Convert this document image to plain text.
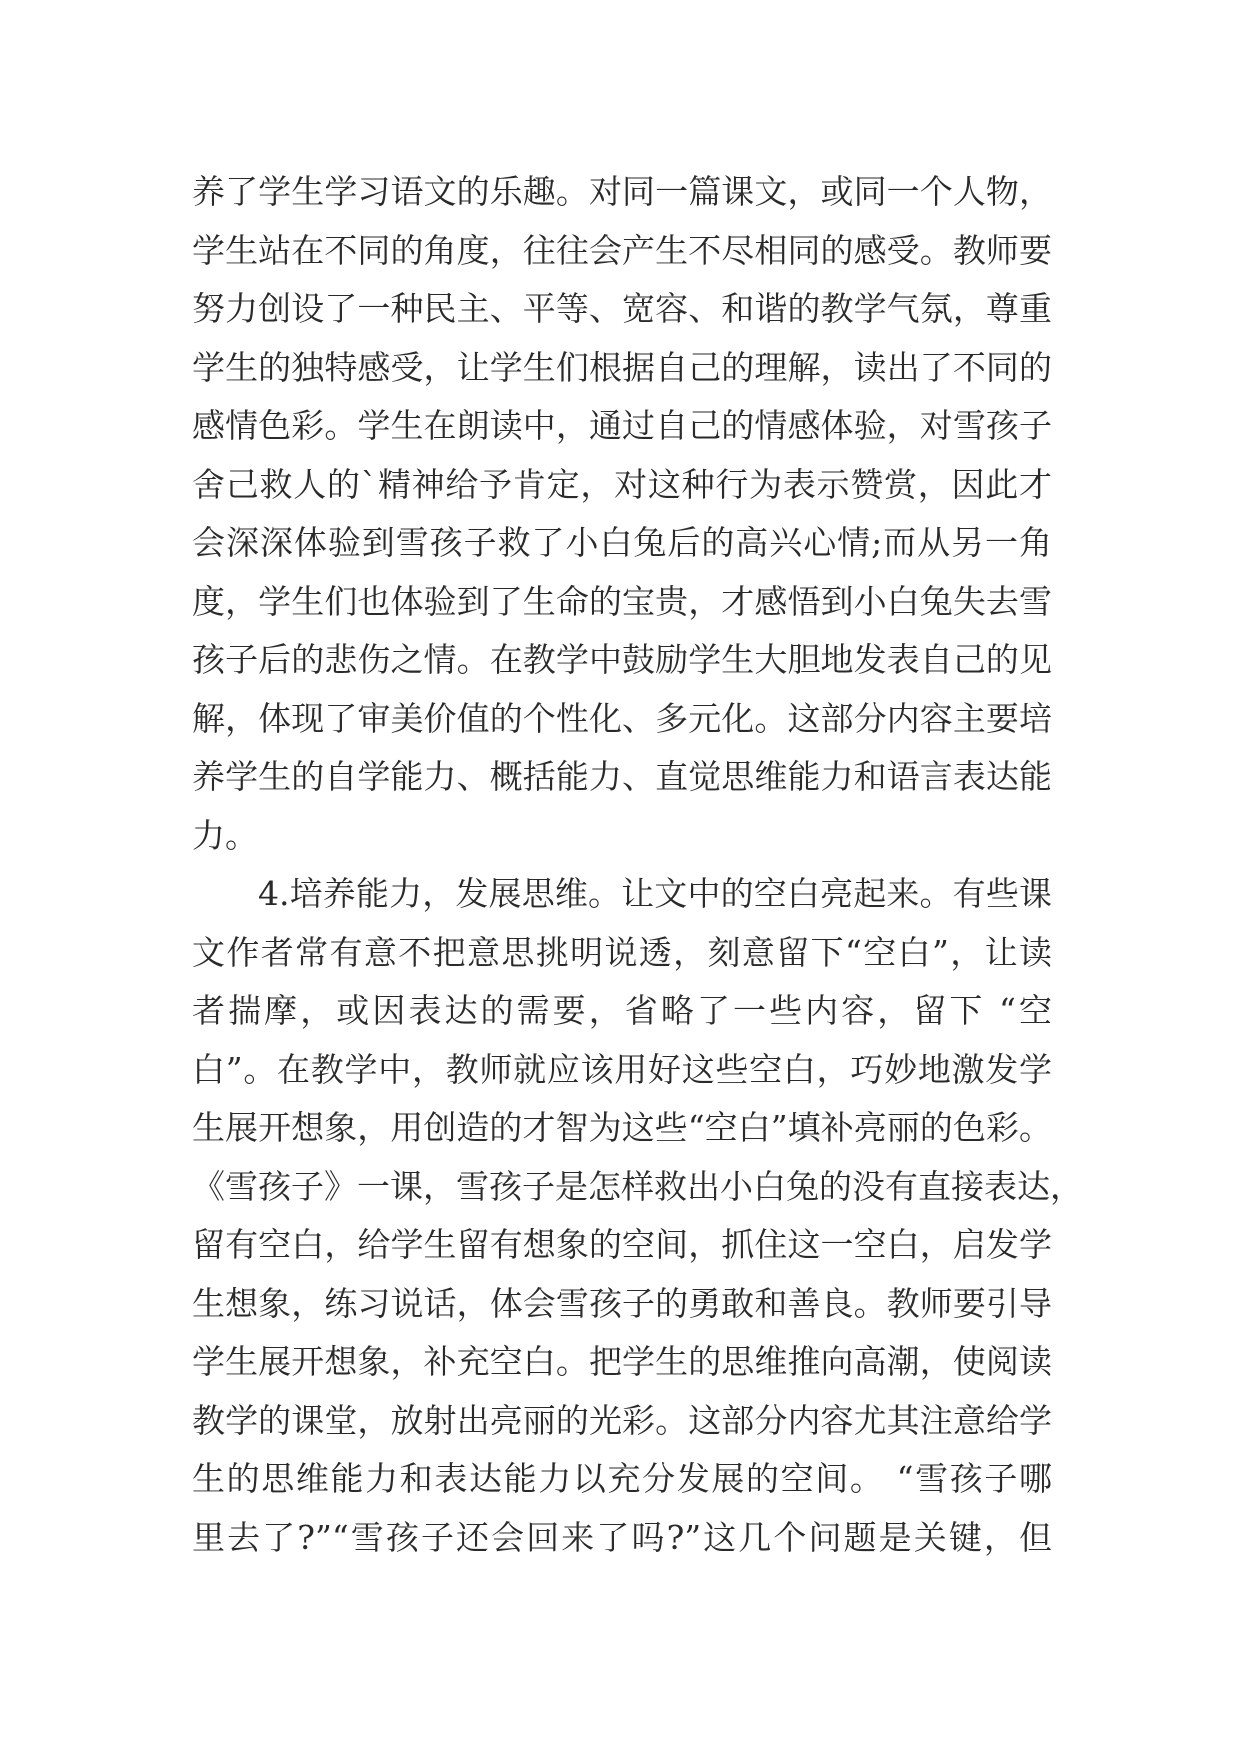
养了学生学习语文的乐趣。对同一篇课文，或同一个人物，
学生站在不同的角度，往往会产生不尽相同的感受。教师要
努力创设了一种民主、平等、宽容、和谐的教学气氛，尊重
学生的独特感受，让学生们根据自己的理解，读出了不同的
感情色彩。学生在朗读中，通过自己的情感体验，对雪孩子
舍己救人的`精神给予肯定，对这种行为表示赞赏，因此才
会深深体验到雪孩子救了小白兔后的高兴心情;而从另一角
度，学生们也体验到了生命的宝贵，才感悟到小白兔失去雪
孩子后的悲伤之情。在教学中鼓励学生大胆地发表自己的见
解，体现了审美价值的个性化、多元化。这部分内容主要培
养学生的自学能力、概括能力、直觉思维能力和语言表达能
力。
4.培养能力，发展思维。让文中的空白亮起来。有些课
文作者常有意不把意思挑明说透，刻意留下“空白”，让读
者揣摩，或因表达的需要，省略了一些内容，留下 “空
白”。在教学中，教师就应该用好这些空白，巧妙地激发学
生展开想象，用创造的才智为这些“空白”填补亮丽的色彩。
《雪孩子》一课，雪孩子是怎样救出小白兔的没有直接表达，
留有空白，给学生留有想象的空间，抓住这一空白，启发学
生想象，练习说话，体会雪孩子的勇敢和善良。教师要引导
学生展开想象，补充空白。把学生的思维推向高潮，使阅读
教学的课堂，放射出亮丽的光彩。这部分内容尤其注意给学
生的思维能力和表达能力以充分发展的空间。 “雪孩子哪
里去了?”“雪孩子还会回来了吗?”这几个问题是关键，但
